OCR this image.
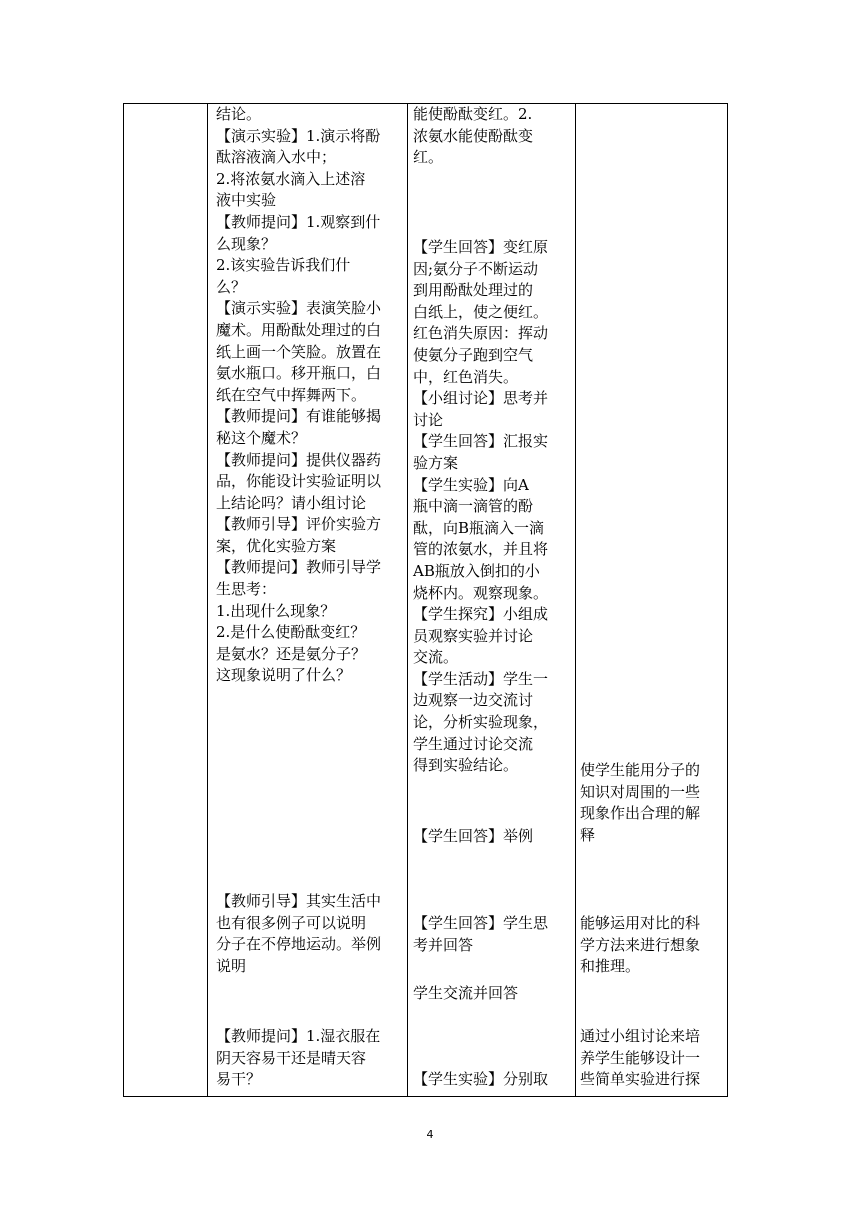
结论。
【演示实验】1.演示将酚
酞溶液滴入水中；
2.将浓氨水滴入上述溶
液中实验
【教师提问】1.观察到什
么现象？
2.该实验告诉我们什
么？
【演示实验】表演笑脸小
魔术。用酚酞处理过的白
纸上画一个笑脸。放置在
氨水瓶口。移开瓶口，白
纸在空气中挥舞两下。
【教师提问】有谁能够揭
秘这个魔术？
【教师提问】提供仪器药
品，你能设计实验证明以
上结论吗？请小组讨论
【教师引导】评价实验方
案，优化实验方案
【教师提问】教师引导学
生思考：
1.出现什么现象？
2.是什么使酚酞变红？
是氨水？还是氨分子？
这现象说明了什么？
【教师引导】其实生活中
也有很多例子可以说明
分子在不停地运动。举例
说明
【教师提问】1.湿衣服在
阴天容易干还是晴天容
易干？
能使酚酞变红。2.
浓氨水能使酚酞变
红。
【学生回答】变红原
因;氨分子不断运动
到用酚酞处理过的
白纸上，使之便红。
红色消失原因：挥动
使氨分子跑到空气
中，红色消失。
【小组讨论】思考并
讨论
【学生回答】汇报实
验方案
【学生实验】向A
瓶中滴一滴管的酚
酞，向B瓶滴入一滴
管的浓氨水，并且将
AB瓶放入倒扣的小
烧杯内。观察现象。
【学生探究】小组成
员观察实验并讨论
交流。
【学生活动】学生一
边观察一边交流讨
论，分析实验现象，
学生通过讨论交流
得到实验结论。
【学生回答】举例
【学生回答】学生思
考并回答
学生交流并回答
【学生实验】分别取
使学生能用分子的
知识对周围的一些
现象作出合理的解
释
能够运用对比的科
学方法来进行想象
和推理。
通过小组讨论来培
养学生能够设计一
些简单实验进行探
4
